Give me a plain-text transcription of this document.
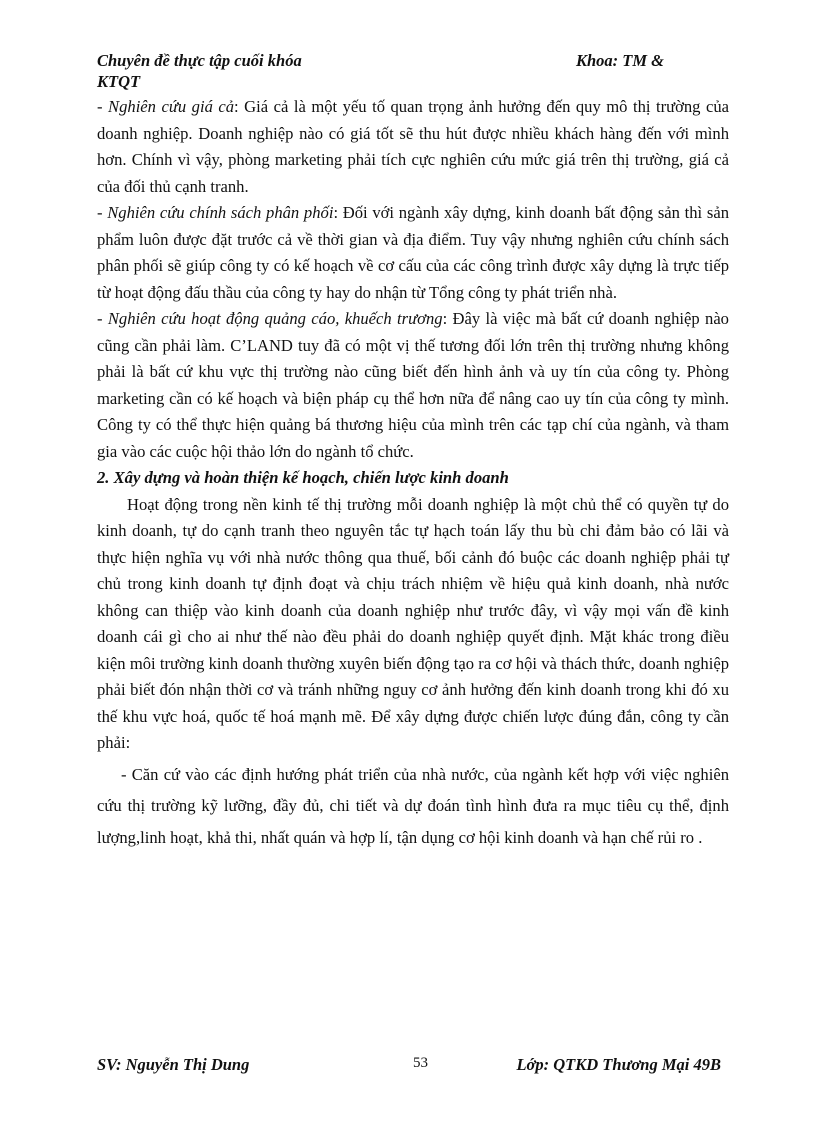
Chuyên đề thực tập cuối khóa	Khoa: TM &
KTQT

- Nghiên cứu giá cả: Giá cả là một yếu tố quan trọng ảnh hưởng đến quy mô thị trường của doanh nghiệp. Doanh nghiệp nào có giá tốt sẽ thu hút được nhiều khách hàng đến với mình hơn. Chính vì vậy, phòng marketing phải tích cực nghiên cứu mức giá trên thị trường, giá cả của đối thủ cạnh tranh.

- Nghiên cứu chính sách phân phối: Đối với ngành xây dựng, kinh doanh bất động sản thì sản phẩm luôn được đặt trước cả về thời gian và địa điểm. Tuy vậy nhưng nghiên cứu chính sách phân phối sẽ giúp công ty có kế hoạch về cơ cấu của các công trình được xây dựng là trực tiếp từ hoạt động đấu thầu của công ty hay do nhận từ Tổng công ty phát triển nhà.

- Nghiên cứu hoạt động quảng cáo, khuếch trương: Đây là việc mà bất cứ doanh nghiệp nào cũng cần phải làm. C’LAND tuy đã có một vị thế tương đối lớn trên thị trường nhưng không phải là bất cứ khu vực thị trường nào cũng biết đến hình ảnh và uy tín của công ty. Phòng marketing cần có kế hoạch và biện pháp cụ thể hơn nữa để nâng cao uy tín của công ty mình. Công ty có thể thực hiện quảng bá thương hiệu của mình trên các tạp chí của ngành, và tham gia vào các cuộc hội thảo lớn do ngành tổ chức.

2. Xây dựng và hoàn thiện kế hoạch, chiến lược kinh doanh

Hoạt động trong nền kinh tế thị trường mỗi doanh nghiệp là một chủ thể có quyền tự do kinh doanh, tự do cạnh tranh theo nguyên tắc tự hạch toán lấy thu bù chi đảm bảo có lãi và thực hiện nghĩa vụ với nhà nước thông qua thuế, bối cảnh đó buộc các doanh nghiệp phải tự chủ trong kinh doanh tự định đoạt và chịu trách nhiệm về hiệu quả kinh doanh, nhà nước không can thiệp vào kinh doanh của doanh nghiệp như trước đây, vì vậy mọi vấn đề kinh doanh cái gì cho ai như thế nào đều phải do doanh nghiệp quyết định. Mặt khác trong điều kiện môi trường kinh doanh thường xuyên biến động tạo ra cơ hội và thách thức, doanh nghiệp phải biết đón nhận thời cơ và tránh những nguy cơ ảnh hưởng đến kinh doanh trong khi đó xu thế khu vực hoá, quốc tế hoá mạnh mẽ. Để xây dựng được chiến lược đúng đắn, công ty cần phải:

- Căn cứ vào các định hướng phát triển của nhà nước, của ngành kết hợp với việc nghiên cứu thị trường kỹ lưỡng, đầy đủ, chi tiết và dự đoán tình hình đưa ra mục tiêu cụ thể, định lượng,linh hoạt, khả thi, nhất quán và hợp lí, tận dụng cơ hội kinh doanh và hạn chế rủi ro .

SV: Nguyễn Thị Dung	53	Lớp: QTKD Thương Mại 49B
